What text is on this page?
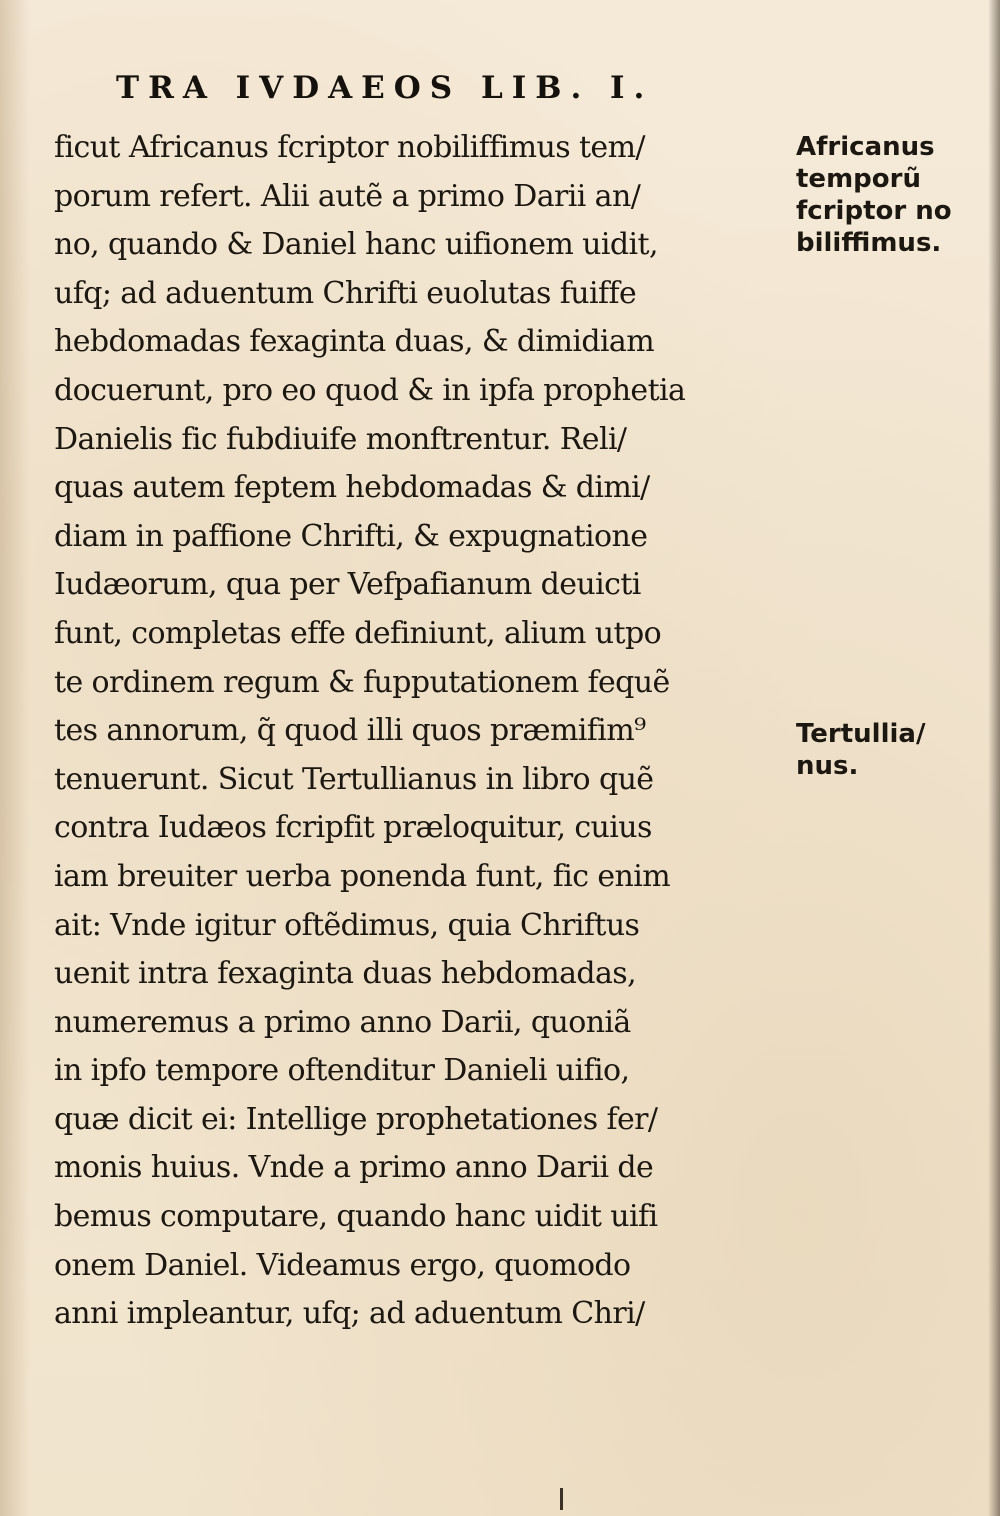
TRA IVDAEOS LIB. I.
ficut Africanus fcriptor nobiliffimus tem/
porum refert. Alii autẽ a primo Darii an/
no, quando & Daniel hanc uifionem uidit,
ufq; ad aduentum Chrifti euolutas fuiffe
hebdomadas fexaginta duas, & dimidiam
docuerunt, pro eo quod & in ipfa prophetia
Danielis fic fubdiuife monftrentur. Reli/
quas autem feptem hebdomadas & dimi/
diam in paffione Chrifti, & expugnatione
Iudæorum, qua per Vefpafianum deuicti
funt, completas effe definiunt, alium utpo
te ordinem regum & fupputationem fequẽ
tes annorum, q̃ quod illi quos præmifim⁹
tenuerunt. Sicut Tertullianus in libro quẽ
contra Iudæos fcripfit præloquitur, cuius
iam breuiter uerba ponenda funt, fic enim
ait: Vnde igitur oftẽdimus, quia Chriftus
uenit intra fexaginta duas hebdomadas,
numeremus a primo anno Darii, quoniã
in ipfo tempore oftenditur Danieli uifio,
quæ dicit ei: Intellige prophetationes fer/
monis huius. Vnde a primo anno Darii de
bemus computare, quando hanc uidit uifi
onem Daniel. Videamus ergo, quomodo
anni impleantur, ufq; ad aduentum Chri/
Africanus
temporũ
fcriptor no
biliffimus.
Tertullia/
nus.
